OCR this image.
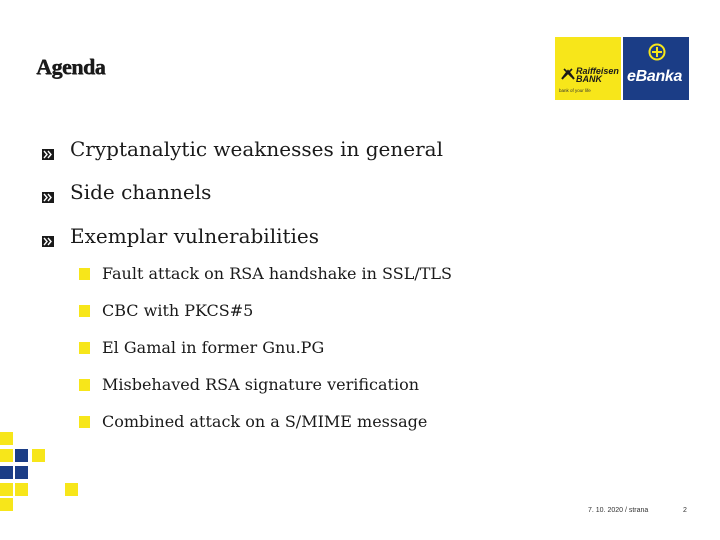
Agenda	Raiffeisen
BANK
bank of your life
eBanka
Cryptanalytic weaknesses in general
Side channels
Exemplar vulnerabilities
Fault attack on RSA handshake in SSL/TLS
CBC with PKCS#5
El Gamal in former Gnu.PG
Misbehaved RSA signature verification
Combined attack on a S/MIME message
7. 10. 2020 / strana	2
